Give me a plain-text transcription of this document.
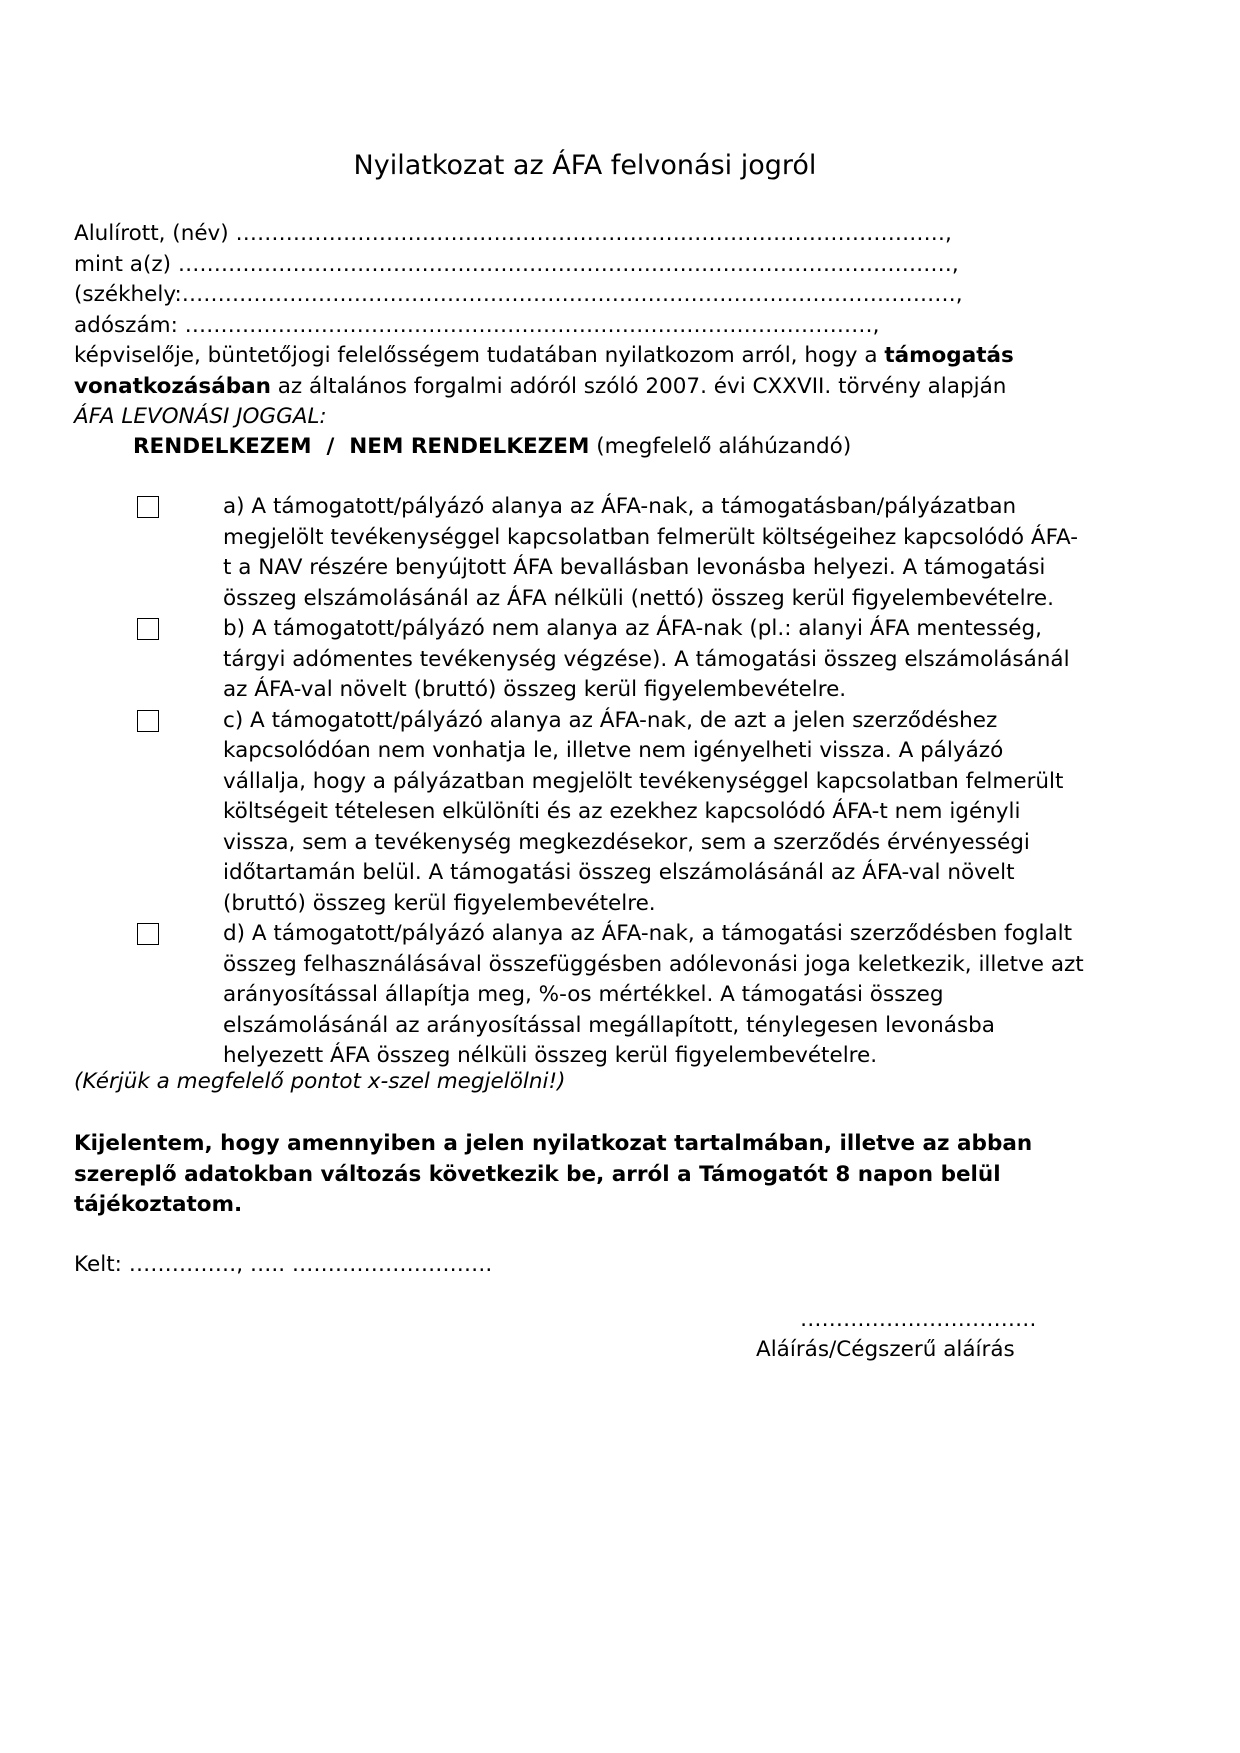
Nyilatkozat az ÁFA felvonási jogról
Alulírott, (név) ………………………………………………………………………………………,
mint a(z) ………………………………………………………………………………………………,
(székhely:………………………………………………………………………………………………,
adószám: ……………………………………………………………………………………,
képviselője, büntetőjogi felelősségem tudatában nyilatkozom arról, hogy a támogatás vonatkozásában az általános forgalmi adóról szóló 2007. évi CXXVII. törvény alapján
ÁFA LEVONÁSI JOGGAL:
RENDELKEZEM  /  NEM RENDELKEZEM (megfelelő aláhúzandó)
a) A támogatott/pályázó alanya az ÁFA-nak, a támogatásban/pályázatban
megjelölt tevékenységgel kapcsolatban felmerült költségeihez kapcsolódó ÁFA-
t a NAV részére benyújtott ÁFA bevallásban levonásba helyezi. A támogatási
összeg elszámolásánál az ÁFA nélküli (nettó) összeg kerül figyelembevételre.
b) A támogatott/pályázó nem alanya az ÁFA-nak (pl.: alanyi ÁFA mentesség,
tárgyi adómentes tevékenység végzése). A támogatási összeg elszámolásánál
az ÁFA-val növelt (bruttó) összeg kerül figyelembevételre.
c) A támogatott/pályázó alanya az ÁFA-nak, de azt a jelen szerződéshez
kapcsolódóan nem vonhatja le, illetve nem igényelheti vissza. A pályázó
vállalja, hogy a pályázatban megjelölt tevékenységgel kapcsolatban felmerült
költségeit tételesen elkülöníti és az ezekhez kapcsolódó ÁFA-t nem igényli
vissza, sem a tevékenység megkezdésekor, sem a szerződés érvényességi
időtartamán belül. A támogatási összeg elszámolásánál az ÁFA-val növelt
(bruttó) összeg kerül figyelembevételre.
d) A támogatott/pályázó alanya az ÁFA-nak, a támogatási szerződésben foglalt
összeg felhasználásával összefüggésben adólevonási joga keletkezik, illetve azt
arányosítással állapítja meg, %-os mértékkel. A támogatási összeg
elszámolásánál az arányosítással megállapított, ténylegesen levonásba
helyezett ÁFA összeg nélküli összeg kerül figyelembevételre.
(Kérjük a megfelelő pontot x-szel megjelölni!)
Kijelentem, hogy amennyiben a jelen nyilatkozat tartalmában, illetve az abban
szereplő adatokban változás következik be, arról a Támogatót 8 napon belül
tájékoztatom.
Kelt: ……………, ….. ……………………….
……………………………
Aláírás/Cégszerű aláírás
